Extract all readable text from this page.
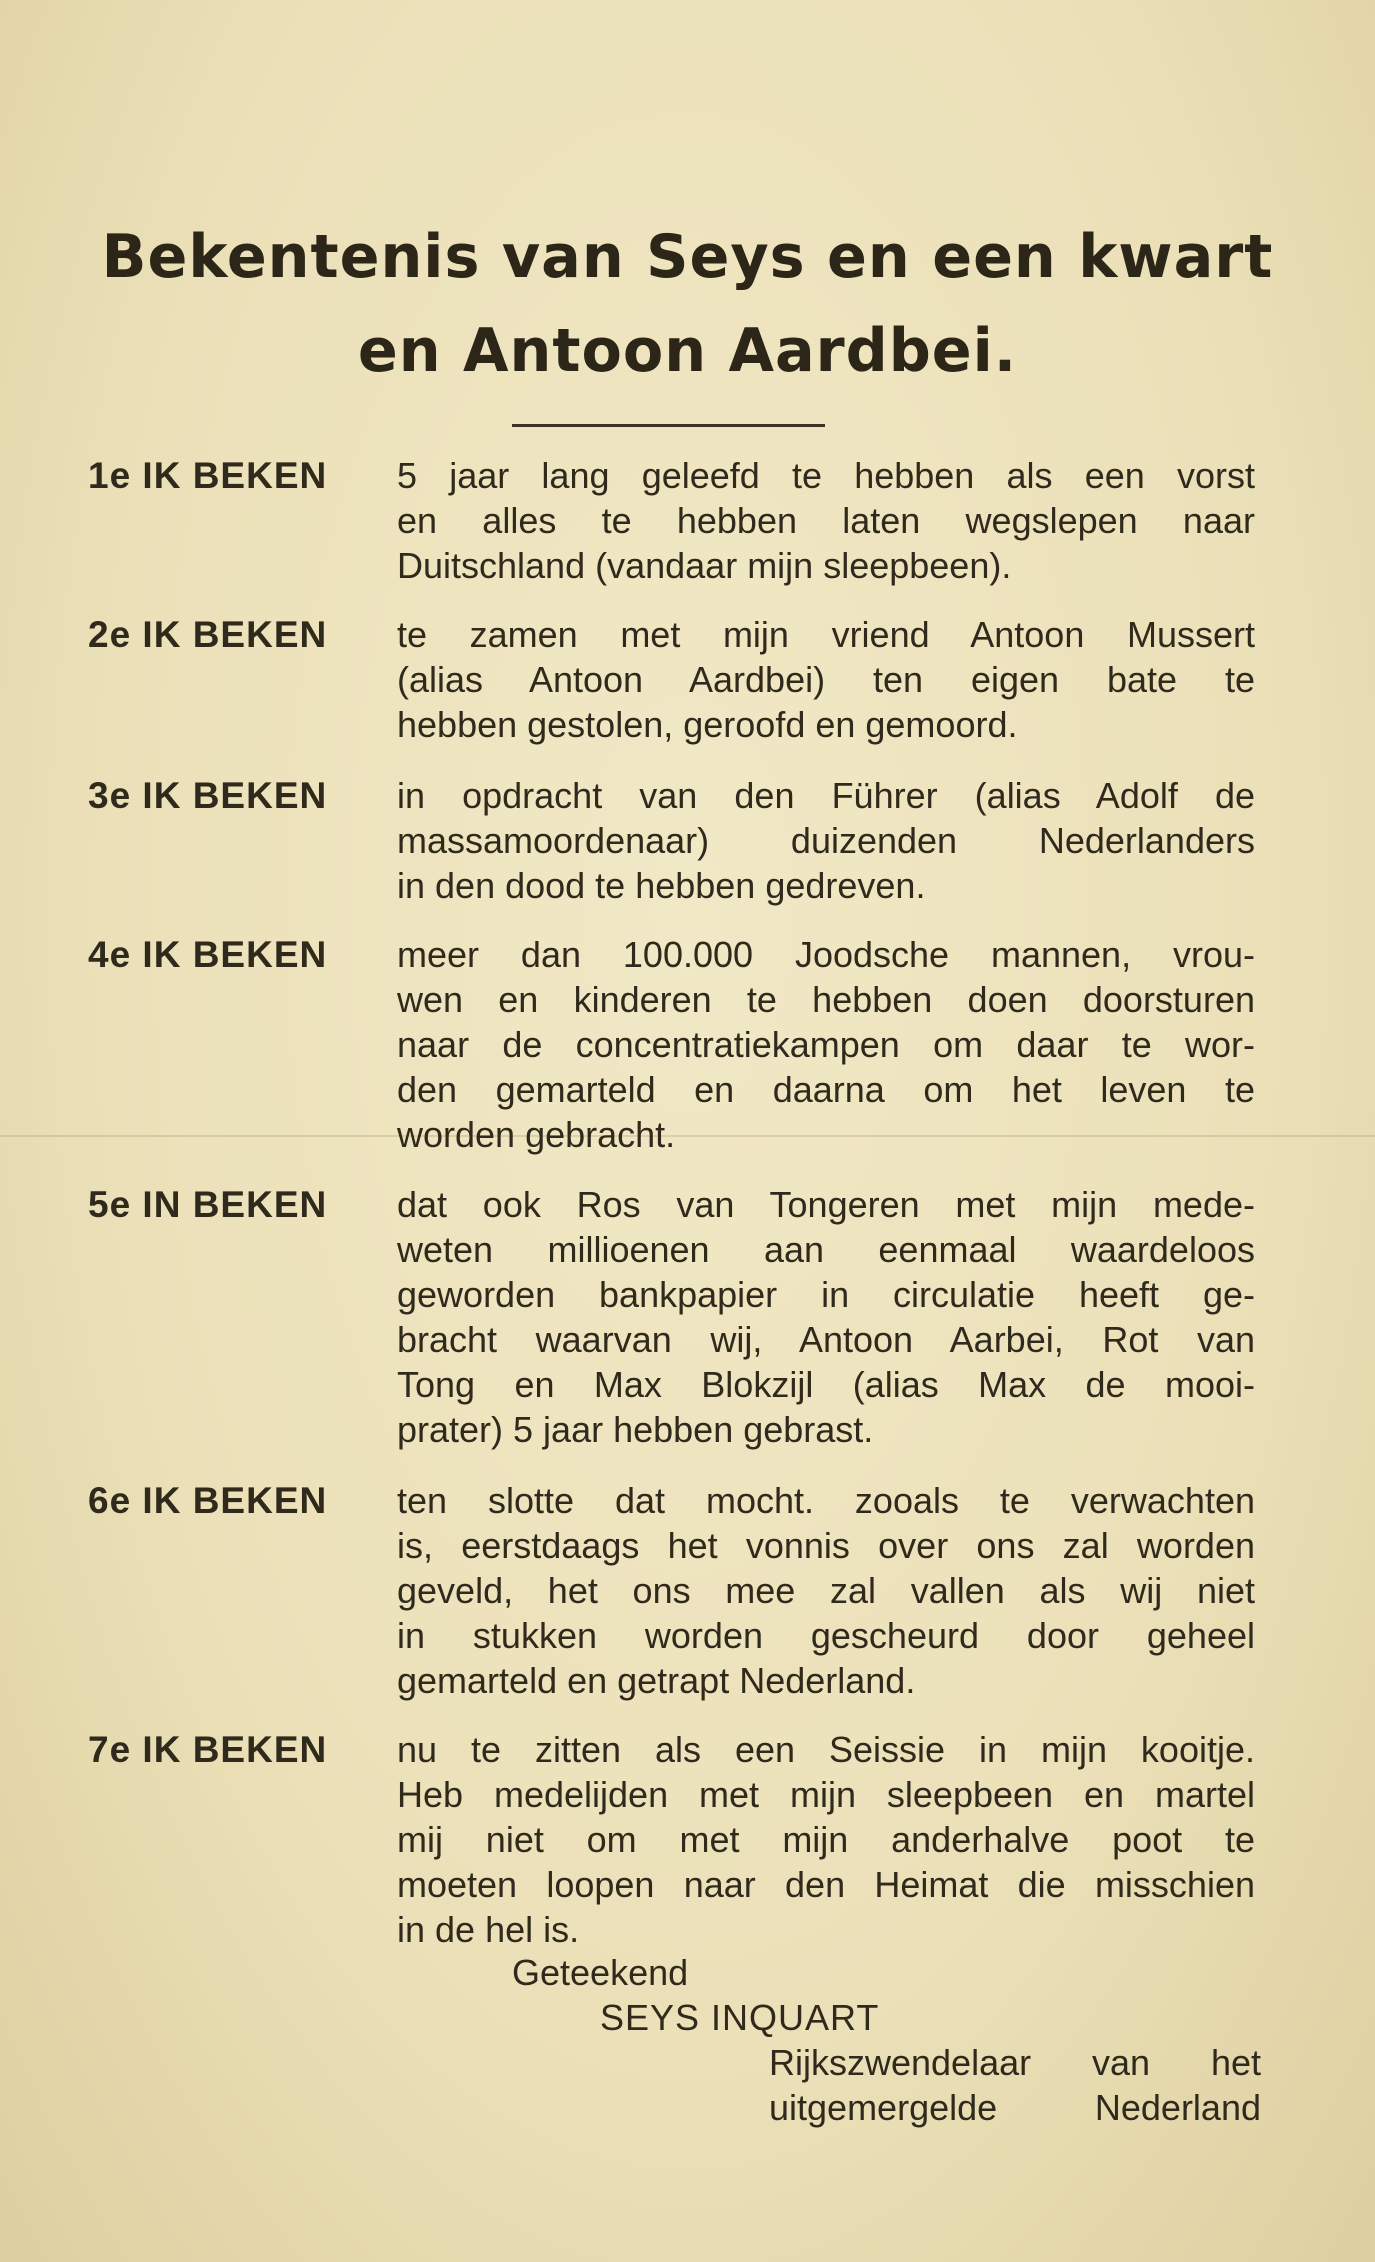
Bekentenis van Seys en een kwart
en Antoon Aardbei.
1e IK BEKEN 5 jaar lang geleefd te hebben als een vorst
en alles te hebben laten wegslepen naar
Duitschland (vandaar mijn sleepbeen).
2e IK BEKEN te zamen met mijn vriend Antoon Mussert
(alias Antoon Aardbei) ten eigen bate te
hebben gestolen, geroofd en gemoord.
3e IK BEKEN in opdracht van den Führer (alias Adolf de
massamoordenaar) duizenden Nederlanders
in den dood te hebben gedreven.
4e IK BEKEN meer dan 100.000 Joodsche mannen, vrou-
wen en kinderen te hebben doen doorsturen
naar de concentratiekampen om daar te wor-
den gemarteld en daarna om het leven te
worden gebracht.
5e IN BEKEN dat ook Ros van Tongeren met mijn mede-
weten millioenen aan eenmaal waardeloos
geworden bankpapier in circulatie heeft ge-
bracht waarvan wij, Antoon Aarbei, Rot van
Tong en Max Blokzijl (alias Max de mooi-
prater) 5 jaar hebben gebrast.
6e IK BEKEN ten slotte dat mocht. zooals te verwachten
is, eerstdaags het vonnis over ons zal worden
geveld, het ons mee zal vallen als wij niet
in stukken worden gescheurd door geheel
gemarteld en getrapt Nederland.
7e IK BEKEN nu te zitten als een Seissie in mijn kooitje.
Heb medelijden met mijn sleepbeen en martel
mij niet om met mijn anderhalve poot te
moeten loopen naar den Heimat die misschien
in de hel is.
Geteekend
SEYS INQUART
Rijkszwendelaar van het
uitgemergelde Nederland
